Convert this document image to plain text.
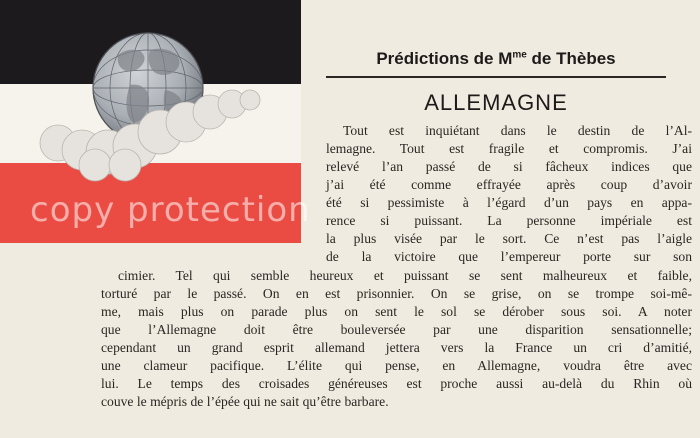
copy protection
Prédictions de $M^{me}$ de Thèbes
ALLEMAGNE
Tout est inquiétant dans le destin de l’Al-
lemagne. Tout est fragile et compromis. J’ai
relevé l’an passé de si fâcheux indices que
j’ai été comme effrayée après coup d’avoir
été si pessimiste à l’égard d’un pays en appa-
rence si puissant. La personne impériale est
la plus visée par le sort. Ce n’est pas l’aigle
de la victoire que l’empereur porte sur son
cimier. Tel qui semble heureux et puissant se sent malheureux et faible,
torturé par le passé. On en est prisonnier. On se grise, on se trompe soi-mê-
me, mais plus on parade plus on sent le sol se dérober sous soi. A noter
que l’Allemagne doit être bouleversée par une disparition sensationnelle;
cependant un grand esprit allemand jettera vers la France un cri d’amitié,
une clameur pacifique. L’élite qui pense, en Allemagne, voudra être avec
lui. Le temps des croisades généreuses est proche aussi au-delà du Rhin où
couve le mépris de l’épée qui ne sait qu’être barbare.
